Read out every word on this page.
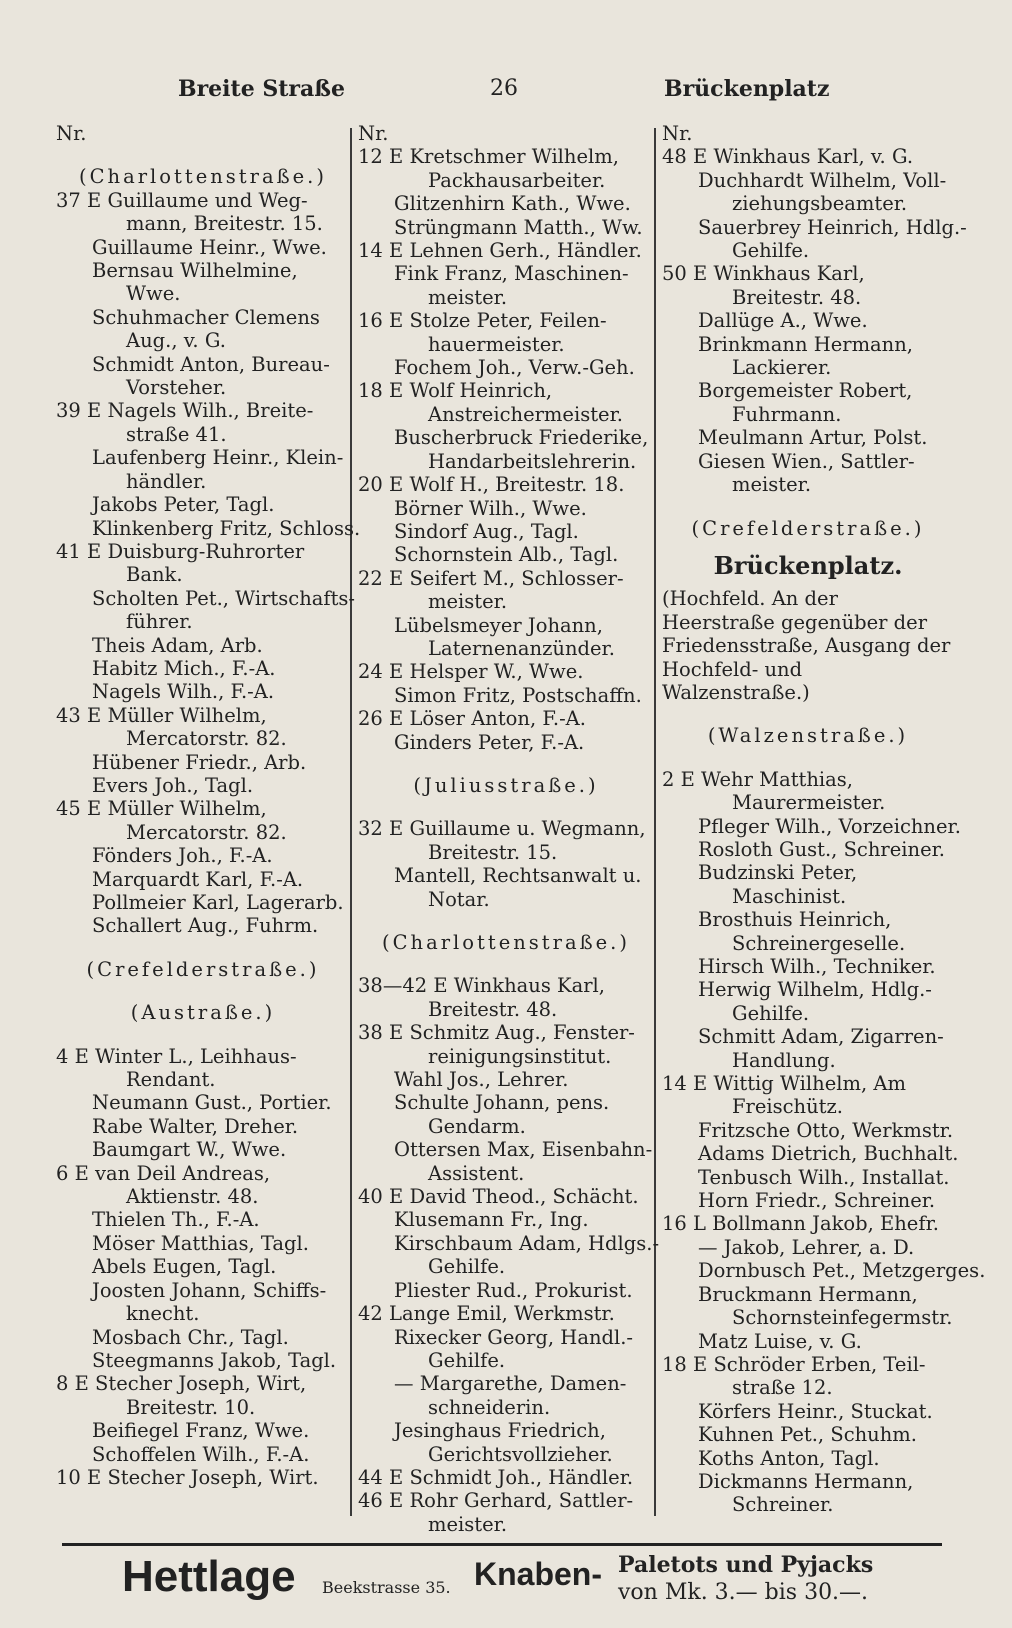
Breite Straße	26	Brückenplatz
Nr.
(Charlottenstraße.)
37 E Guillaume und Weg-
mann, Breitestr. 15.
Guillaume Heinr., Wwe.
Bernsau Wilhelmine,
Wwe.
Schuhmacher Clemens
Aug., v. G.
Schmidt Anton, Bureau-
Vorsteher.
39 E Nagels Wilh., Breite-
straße 41.
Laufenberg Heinr., Klein-
händler.
Jakobs Peter, Tagl.
Klinkenberg Fritz, Schloss.
41 E Duisburg-Ruhrorter
Bank.
Scholten Pet., Wirtschafts-
führer.
Theis Adam, Arb.
Habitz Mich., F.-A.
Nagels Wilh., F.-A.
43 E Müller Wilhelm,
Mercatorstr. 82.
Hübener Friedr., Arb.
Evers Joh., Tagl.
45 E Müller Wilhelm,
Mercatorstr. 82.
Fönders Joh., F.-A.
Marquardt Karl, F.-A.
Pollmeier Karl, Lagerarb.
Schallert Aug., Fuhrm.
(Crefelderstraße.)
(Austraße.)
4 E Winter L., Leihhaus-
Rendant.
Neumann Gust., Portier.
Rabe Walter, Dreher.
Baumgart W., Wwe.
6 E van Deil Andreas,
Aktienstr. 48.
Thielen Th., F.-A.
Möser Matthias, Tagl.
Abels Eugen, Tagl.
Joosten Johann, Schiffs-
knecht.
Mosbach Chr., Tagl.
Steegmanns Jakob, Tagl.
8 E Stecher Joseph, Wirt,
Breitestr. 10.
Beifiegel Franz, Wwe.
Schoffelen Wilh., F.-A.
10 E Stecher Joseph, Wirt.
Nr.
12 E Kretschmer Wilhelm,
Packhausarbeiter.
Glitzenhirn Kath., Wwe.
Strüngmann Matth., Ww.
14 E Lehnen Gerh., Händler.
Fink Franz, Maschinen-
meister.
16 E Stolze Peter, Feilen-
hauermeister.
Fochem Joh., Verw.-Geh.
18 E Wolf Heinrich,
Anstreichermeister.
Buscherbruck Friederike,
Handarbeitslehrerin.
20 E Wolf H., Breitestr. 18.
Börner Wilh., Wwe.
Sindorf Aug., Tagl.
Schornstein Alb., Tagl.
22 E Seifert M., Schlosser-
meister.
Lübelsmeyer Johann,
Laternenanzünder.
24 E Helsper W., Wwe.
Simon Fritz, Postschaffn.
26 E Löser Anton, F.-A.
Ginders Peter, F.-A.
(Juliusstraße.)
32 E Guillaume u. Wegmann,
Breitestr. 15.
Mantell, Rechtsanwalt u.
Notar.
(Charlottenstraße.)
38—42 E Winkhaus Karl,
Breitestr. 48.
38 E Schmitz Aug., Fenster-
reinigungsinstitut.
Wahl Jos., Lehrer.
Schulte Johann, pens.
Gendarm.
Ottersen Max, Eisenbahn-
Assistent.
40 E David Theod., Schächt.
Klusemann Fr., Ing.
Kirschbaum Adam, Hdlgs.-
Gehilfe.
Pliester Rud., Prokurist.
42 Lange Emil, Werkmstr.
Rixecker Georg, Handl.-
Gehilfe.
— Margarethe, Damen-
schneiderin.
Jesinghaus Friedrich,
Gerichtsvollzieher.
44 E Schmidt Joh., Händler.
46 E Rohr Gerhard, Sattler-
meister.
Nr.
48 E Winkhaus Karl, v. G.
Duchhardt Wilhelm, Voll-
ziehungsbeamter.
Sauerbrey Heinrich, Hdlg.-
Gehilfe.
50 E Winkhaus Karl,
Breitestr. 48.
Dallüge A., Wwe.
Brinkmann Hermann,
Lackierer.
Borgemeister Robert,
Fuhrmann.
Meulmann Artur, Polst.
Giesen Wien., Sattler-
meister.
(Crefelderstraße.)
Brückenplatz.
(Hochfeld. An der Heerstraße gegenüber der Friedensstraße, Ausgang der Hochfeld- und Walzenstraße.)
(Walzenstraße.)
2 E Wehr Matthias,
Maurermeister.
Pfleger Wilh., Vorzeichner.
Rosloth Gust., Schreiner.
Budzinski Peter,
Maschinist.
Brosthuis Heinrich,
Schreinergeselle.
Hirsch Wilh., Techniker.
Herwig Wilhelm, Hdlg.-
Gehilfe.
Schmitt Adam, Zigarren-
Handlung.
14 E Wittig Wilhelm, Am
Freischütz.
Fritzsche Otto, Werkmstr.
Adams Dietrich, Buchhalt.
Tenbusch Wilh., Installat.
Horn Friedr., Schreiner.
16 L Bollmann Jakob, Ehefr.
— Jakob, Lehrer, a. D.
Dornbusch Pet., Metzgerges.
Bruckmann Hermann,
Schornsteinfegermstr.
Matz Luise, v. G.
18 E Schröder Erben, Teil-
straße 12.
Körfers Heinr., Stuckat.
Kuhnen Pet., Schuhm.
Koths Anton, Tagl.
Dickmanns Hermann,
Schreiner.
Hettlage Beekstrasse 35. Knaben- Paletots und Pyjacks
von Mk. 3.— bis 30.—.
